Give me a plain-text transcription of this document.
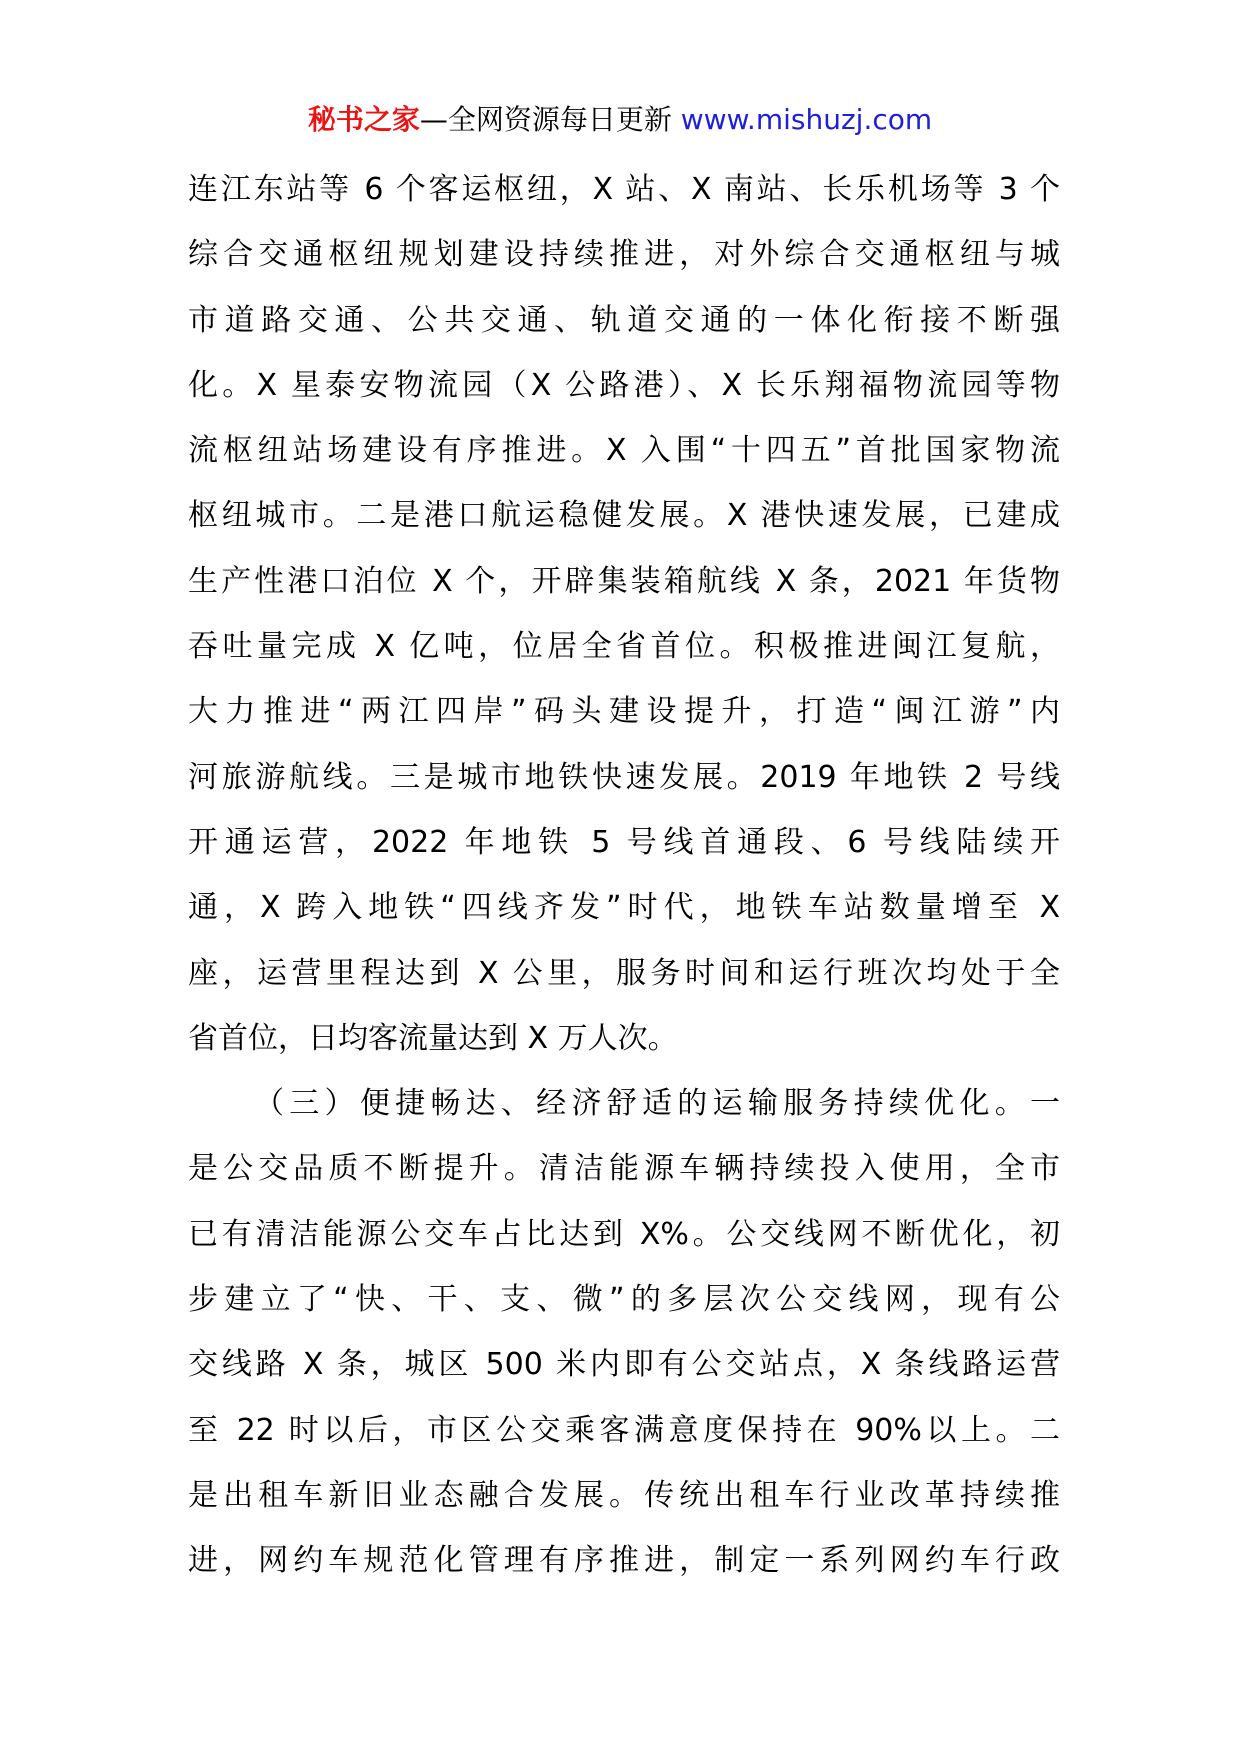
秘书之家—全网资源每日更新 www.mishuzj.com
连江东站等 6 个客运枢纽，X 站、X 南站、长乐机场等 3 个
综合交通枢纽规划建设持续推进，对外综合交通枢纽与城
市道路交通、公共交通、轨道交通的一体化衔接不断强
化。X 星泰安物流园（X 公路港）、X 长乐翔福物流园等物
流枢纽站场建设有序推进。X 入围“十四五”首批国家物流
枢纽城市。二是港口航运稳健发展。X 港快速发展，已建成
生产性港口泊位 X 个，开辟集装箱航线 X 条，2021 年货物
吞吐量完成 X 亿吨，位居全省首位。积极推进闽江复航，
大力推进“两江四岸”码头建设提升，打造“闽江游”内
河旅游航线。三是城市地铁快速发展。2019 年地铁 2 号线
开通运营，2022 年地铁 5 号线首通段、6 号线陆续开
通，X 跨入地铁“四线齐发”时代，地铁车站数量增至 X
座，运营里程达到 X 公里，服务时间和运行班次均处于全
省首位，日均客流量达到 X 万人次。
（三）便捷畅达、经济舒适的运输服务持续优化。一
是公交品质不断提升。清洁能源车辆持续投入使用，全市
已有清洁能源公交车占比达到 X%。公交线网不断优化，初
步建立了“快、干、支、微”的多层次公交线网，现有公
交线路 X 条，城区 500 米内即有公交站点，X 条线路运营
至 22 时以后，市区公交乘客满意度保持在 90%以上。二
是出租车新旧业态融合发展。传统出租车行业改革持续推
进，网约车规范化管理有序推进，制定一系列网约车行政
